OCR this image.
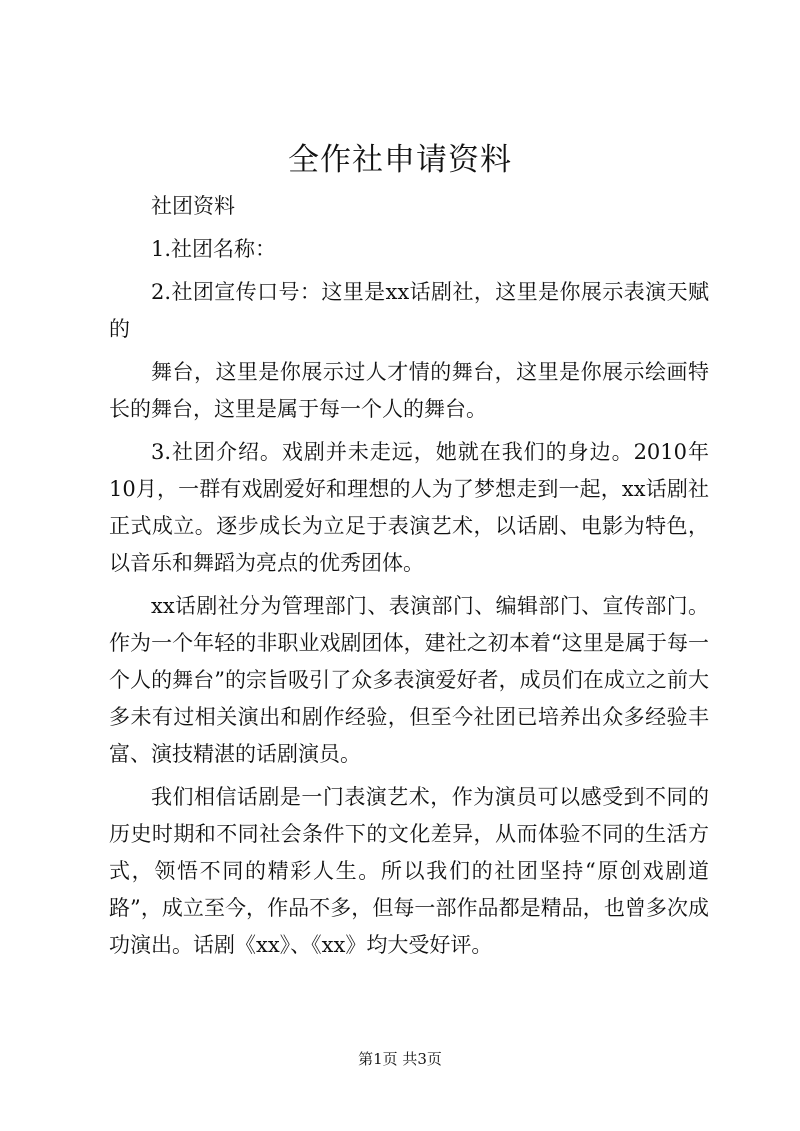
全作社申请资料

社团资料

1.社团名称：

2.社团宣传口号：这里是xx话剧社，这里是你展示表演天赋的

舞台，这里是你展示过人才情的舞台，这里是你展示绘画特长的舞台，这里是属于每一个人的舞台。

3.社团介绍。戏剧并未走远，她就在我们的身边。2010年10月，一群有戏剧爱好和理想的人为了梦想走到一起，xx话剧社正式成立。逐步成长为立足于表演艺术，以话剧、电影为特色，以音乐和舞蹈为亮点的优秀团体。

xx话剧社分为管理部门、表演部门、编辑部门、宣传部门。作为一个年轻的非职业戏剧团体，建社之初本着“这里是属于每一个人的舞台”的宗旨吸引了众多表演爱好者，成员们在成立之前大多未有过相关演出和剧作经验，但至今社团已培养出众多经验丰富、演技精湛的话剧演员。

我们相信话剧是一门表演艺术，作为演员可以感受到不同的历史时期和不同社会条件下的文化差异，从而体验不同的生活方式，领悟不同的精彩人生。所以我们的社团坚持“原创戏剧道路”，成立至今，作品不多，但每一部作品都是精品，也曾多次成功演出。话剧《xx》、《xx》均大受好评。

第1页 共3页
